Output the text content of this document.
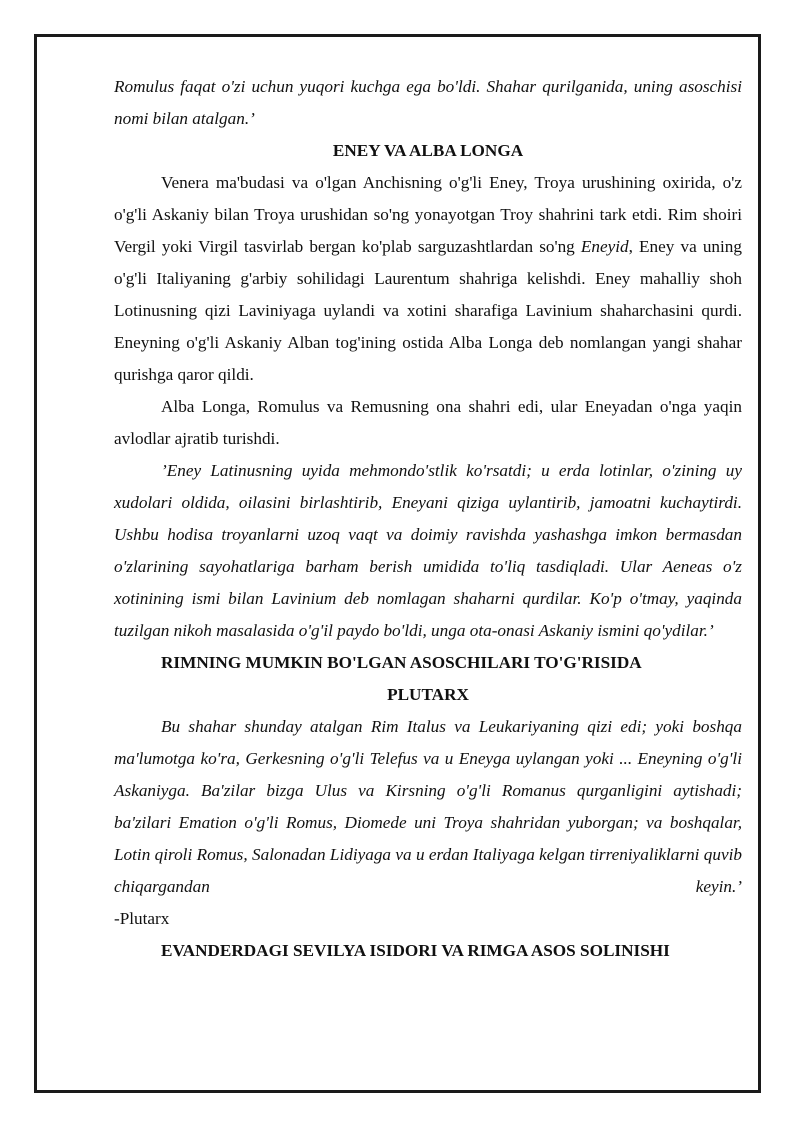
Romulus faqat o'zi uchun yuqori kuchga ega bo'ldi. Shahar qurilganida, uning asoschisi nomi bilan atalgan.’

ENEY VA ALBA LONGA

Venera ma'budasi va o'lgan Anchisning o'g'li Eney, Troya urushining oxirida, o'z o'g'li Askaniy bilan Troya urushidan so'ng yonayotgan Troy shahrini tark etdi. Rim shoiri Vergil yoki Virgil tasvirlab bergan ko'plab sarguzashtlardan so'ng Eneyid, Eney va uning o'g'li Italiyaning g'arbiy sohilidagi Laurentum shahriga kelishdi. Eney mahalliy shoh Lotinusning qizi Laviniyaga uylandi va xotini sharafiga Lavinium shaharchasini qurdi. Eneyning o'g'li Askaniy Alban tog'ining ostida Alba Longa deb nomlangan yangi shahar qurishga qaror qildi.

Alba Longa, Romulus va Remusning ona shahri edi, ular Eneyadan o'nga yaqin avlodlar ajratib turishdi.

’Eney Latinusning uyida mehmondo'stlik ko'rsatdi; u erda lotinlar, o'zining uy xudolari oldida, oilasini birlashtirib, Eneyani qiziga uylantirib, jamoatni kuchaytirdi. Ushbu hodisa troyanlarni uzoq vaqt va doimiy ravishda yashashga imkon bermasdan o'zlarining sayohatlariga barham berish umidida to'liq tasdiqladi. Ular Aeneas o'z xotinining ismi bilan Lavinium deb nomlagan shaharni qurdilar. Ko'p o'tmay, yaqinda tuzilgan nikoh masalasida o'g'il paydo bo'ldi, unga ota-onasi Askaniy ismini qo'ydilar.’

RIMNING MUMKIN BO'LGAN ASOSCHILARI TO'G'RISIDA

PLUTARX

Bu shahar shunday atalgan Rim Italus va Leukariyaning qizi edi; yoki boshqa ma'lumotga ko'ra, Gerkesning o'g'li Telefus va u Eneyga uylangan yoki ... Eneyning o'g'li Askaniyga. Ba'zilar bizga Ulus va Kirsning o'g'li Romanus qurganligini aytishadi; ba'zilari Emation o'g'li Romus, Diomede uni Troya shahridan yuborgan; va boshqalar, Lotin qiroli Romus, Salonadan Lidiyaga va u erdan Italiyaga kelgan tirreniyaliklarni quvib chiqargandan keyin.’

-Plutarx

EVANDERDAGI SEVILYA ISIDORI VA RIMGA ASOS SOLINISHI
